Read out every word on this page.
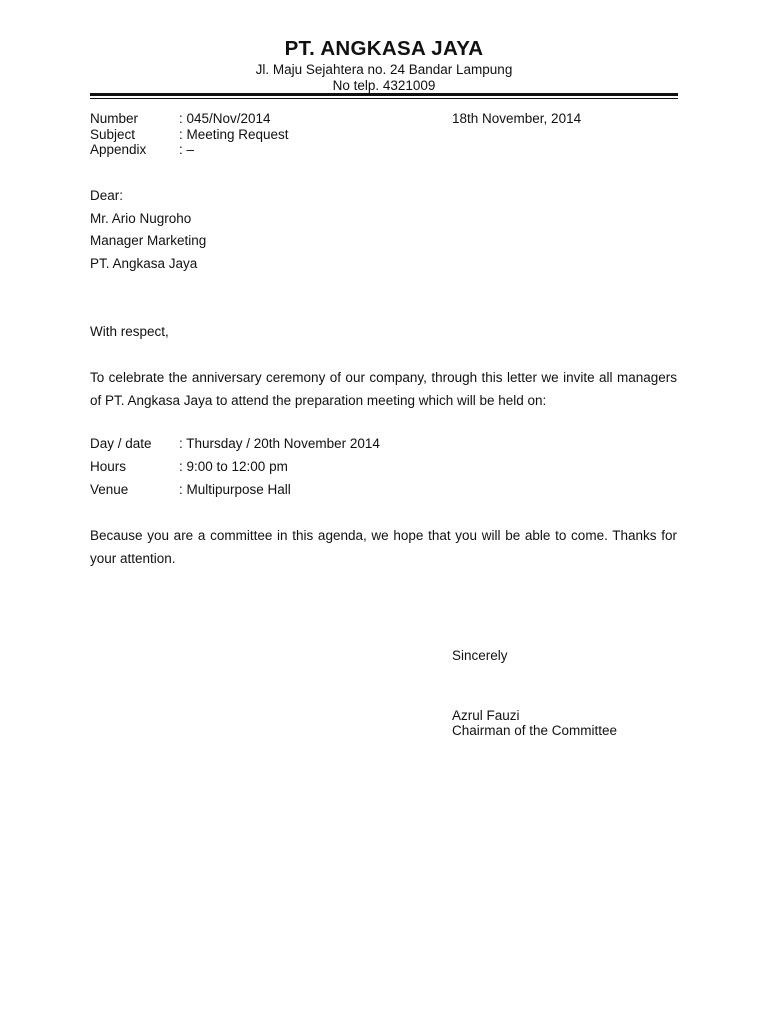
PT. ANGKASA JAYA
Jl. Maju Sejahtera no. 24 Bandar Lampung
No telp. 4321009
Number	: 045/Nov/2014	18th November, 2014
Subject	: Meeting Request
Appendix : –
Dear:
Mr. Ario Nugroho
Manager Marketing
PT. Angkasa Jaya
With respect,
To celebrate the anniversary ceremony of our company, through this letter we invite all managers of PT. Angkasa Jaya to attend the preparation meeting which will be held on:
Day / date : Thursday / 20th November 2014
Hours	: 9:00 to 12:00 pm
Venue	: Multipurpose Hall
Because you are a committee in this agenda, we hope that you will be able to come. Thanks for your attention.
Sincerely
Azrul Fauzi
Chairman of the Committee
